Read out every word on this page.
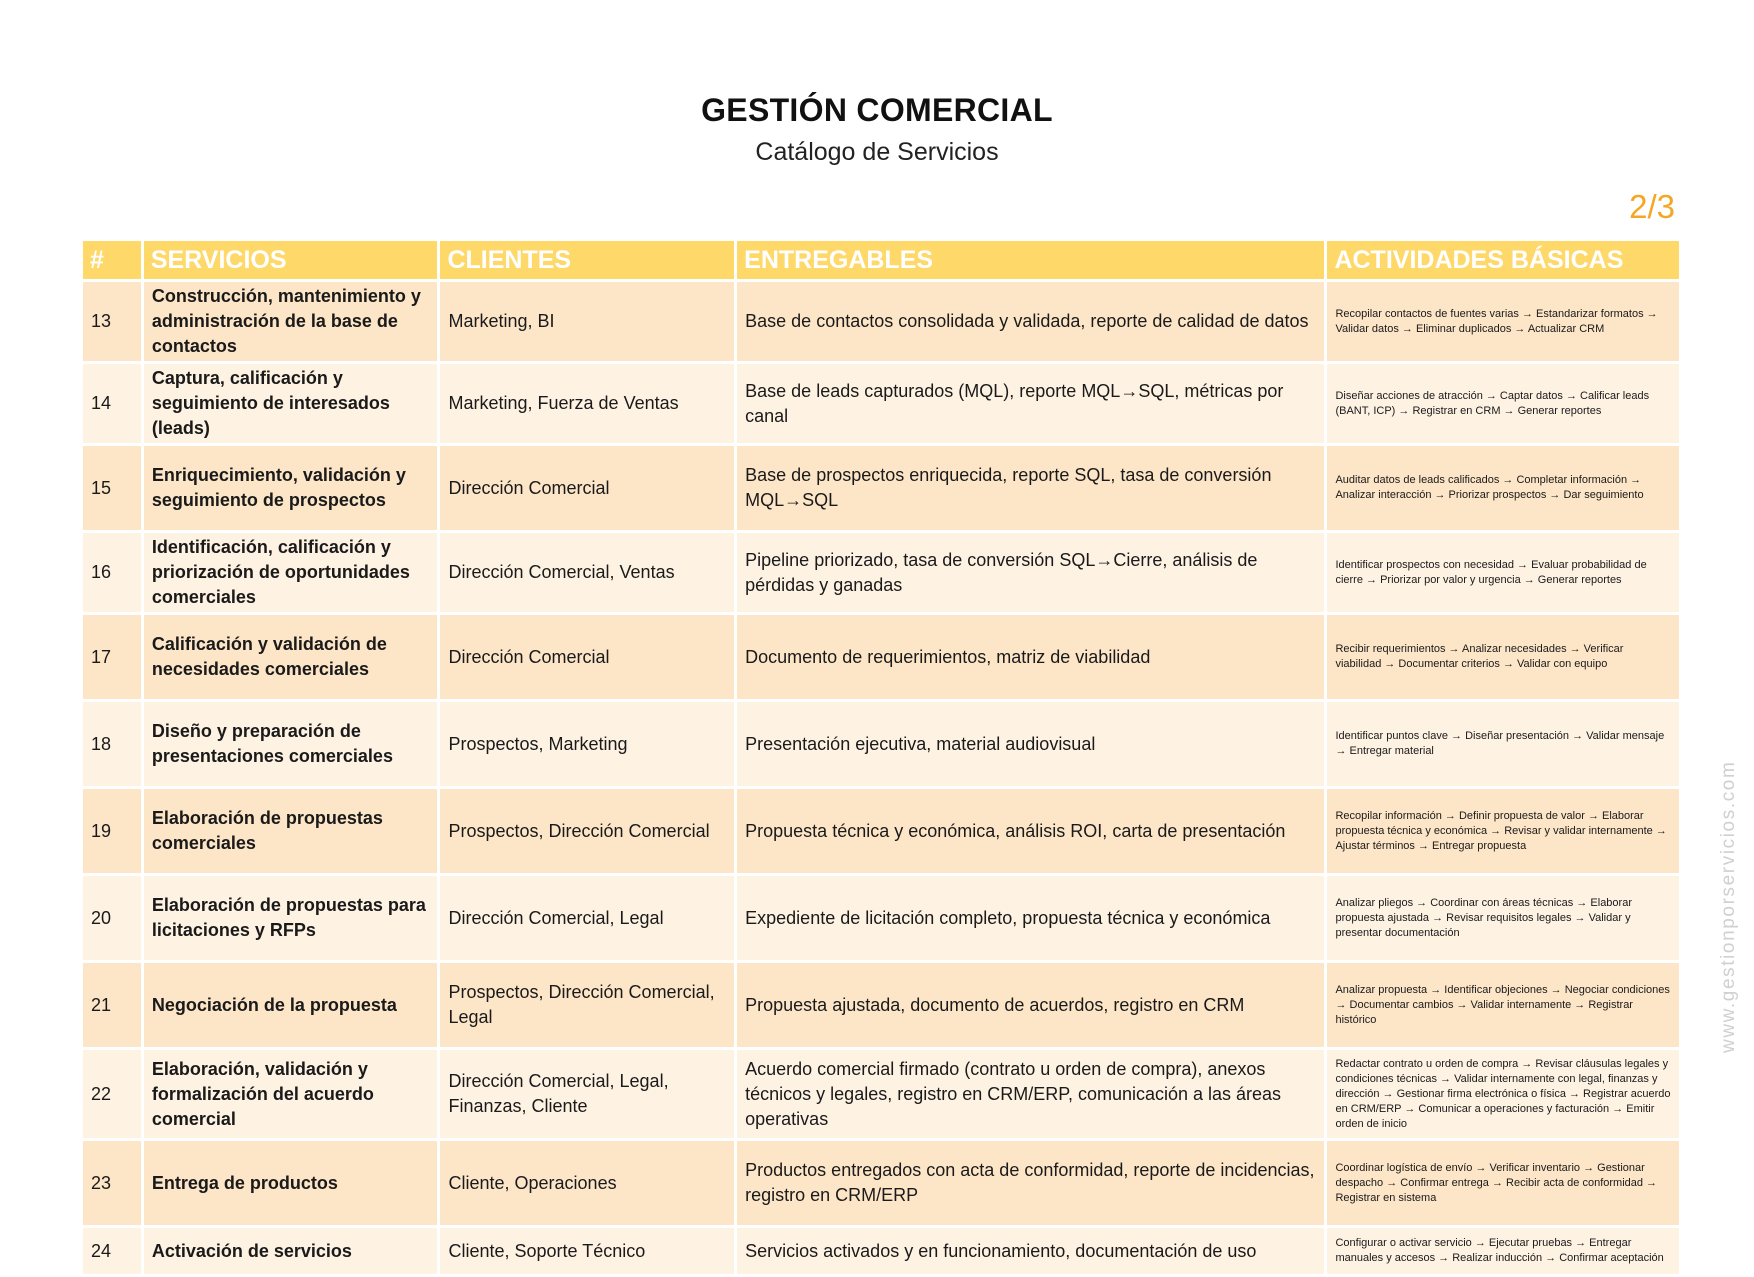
GESTIÓN COMERCIAL
Catálogo de Servicios
2/3
www.gestionporservicios.com
#	SERVICIOS	CLIENTES	ENTREGABLES	ACTIVIDADES BÁSICAS
13	Construcción, mantenimiento y administración de la base de contactos	Marketing, BI	Base de contactos consolidada y validada, reporte de calidad de datos	Recopilar contactos de fuentes varias → Estandarizar formatos → Validar datos → Eliminar duplicados → Actualizar CRM
14	Captura, calificación y seguimiento de interesados (leads)	Marketing, Fuerza de Ventas	Base de leads capturados (MQL), reporte MQL→SQL, métricas por canal	Diseñar acciones de atracción → Captar datos → Calificar leads (BANT, ICP) → Registrar en CRM → Generar reportes
15	Enriquecimiento, validación y seguimiento de prospectos	Dirección Comercial	Base de prospectos enriquecida, reporte SQL, tasa de conversión MQL→SQL	Auditar datos de leads calificados → Completar información → Analizar interacción → Priorizar prospectos → Dar seguimiento
16	Identificación, calificación y priorización de oportunidades comerciales	Dirección Comercial, Ventas	Pipeline priorizado, tasa de conversión SQL→Cierre, análisis de pérdidas y ganadas	Identificar prospectos con necesidad → Evaluar probabilidad de cierre → Priorizar por valor y urgencia → Generar reportes
17	Calificación y validación de necesidades comerciales	Dirección Comercial	Documento de requerimientos, matriz de viabilidad	Recibir requerimientos → Analizar necesidades → Verificar viabilidad → Documentar criterios → Validar con equipo
18	Diseño y preparación de presentaciones comerciales	Prospectos, Marketing	Presentación ejecutiva, material audiovisual	Identificar puntos clave → Diseñar presentación → Validar mensaje → Entregar material
19	Elaboración de propuestas comerciales	Prospectos, Dirección Comercial	Propuesta técnica y económica, análisis ROI, carta de presentación	Recopilar información → Definir propuesta de valor → Elaborar propuesta técnica y económica → Revisar y validar internamente → Ajustar términos → Entregar propuesta
20	Elaboración de propuestas para licitaciones y RFPs	Dirección Comercial, Legal	Expediente de licitación completo, propuesta técnica y económica	Analizar pliegos → Coordinar con áreas técnicas → Elaborar propuesta ajustada → Revisar requisitos legales → Validar y presentar documentación
21	Negociación de la propuesta	Prospectos, Dirección Comercial, Legal	Propuesta ajustada, documento de acuerdos, registro en CRM	Analizar propuesta → Identificar objeciones → Negociar condiciones → Documentar cambios → Validar internamente → Registrar histórico
22	Elaboración, validación y formalización del acuerdo comercial	Dirección Comercial, Legal, Finanzas, Cliente	Acuerdo comercial firmado (contrato u orden de compra), anexos técnicos y legales, registro en CRM/ERP, comunicación a las áreas operativas	Redactar contrato u orden de compra → Revisar cláusulas legales y condiciones técnicas → Validar internamente con legal, finanzas y dirección → Gestionar firma electrónica o física → Registrar acuerdo en CRM/ERP → Comunicar a operaciones y facturación → Emitir orden de inicio
23	Entrega de productos	Cliente, Operaciones	Productos entregados con acta de conformidad, reporte de incidencias, registro en CRM/ERP	Coordinar logística de envío → Verificar inventario → Gestionar despacho → Confirmar entrega → Recibir acta de conformidad → Registrar en sistema
24	Activación de servicios	Cliente, Soporte Técnico	Servicios activados y en funcionamiento, documentación de uso	Configurar o activar servicio → Ejecutar pruebas → Entregar manuales y accesos → Realizar inducción → Confirmar aceptación
